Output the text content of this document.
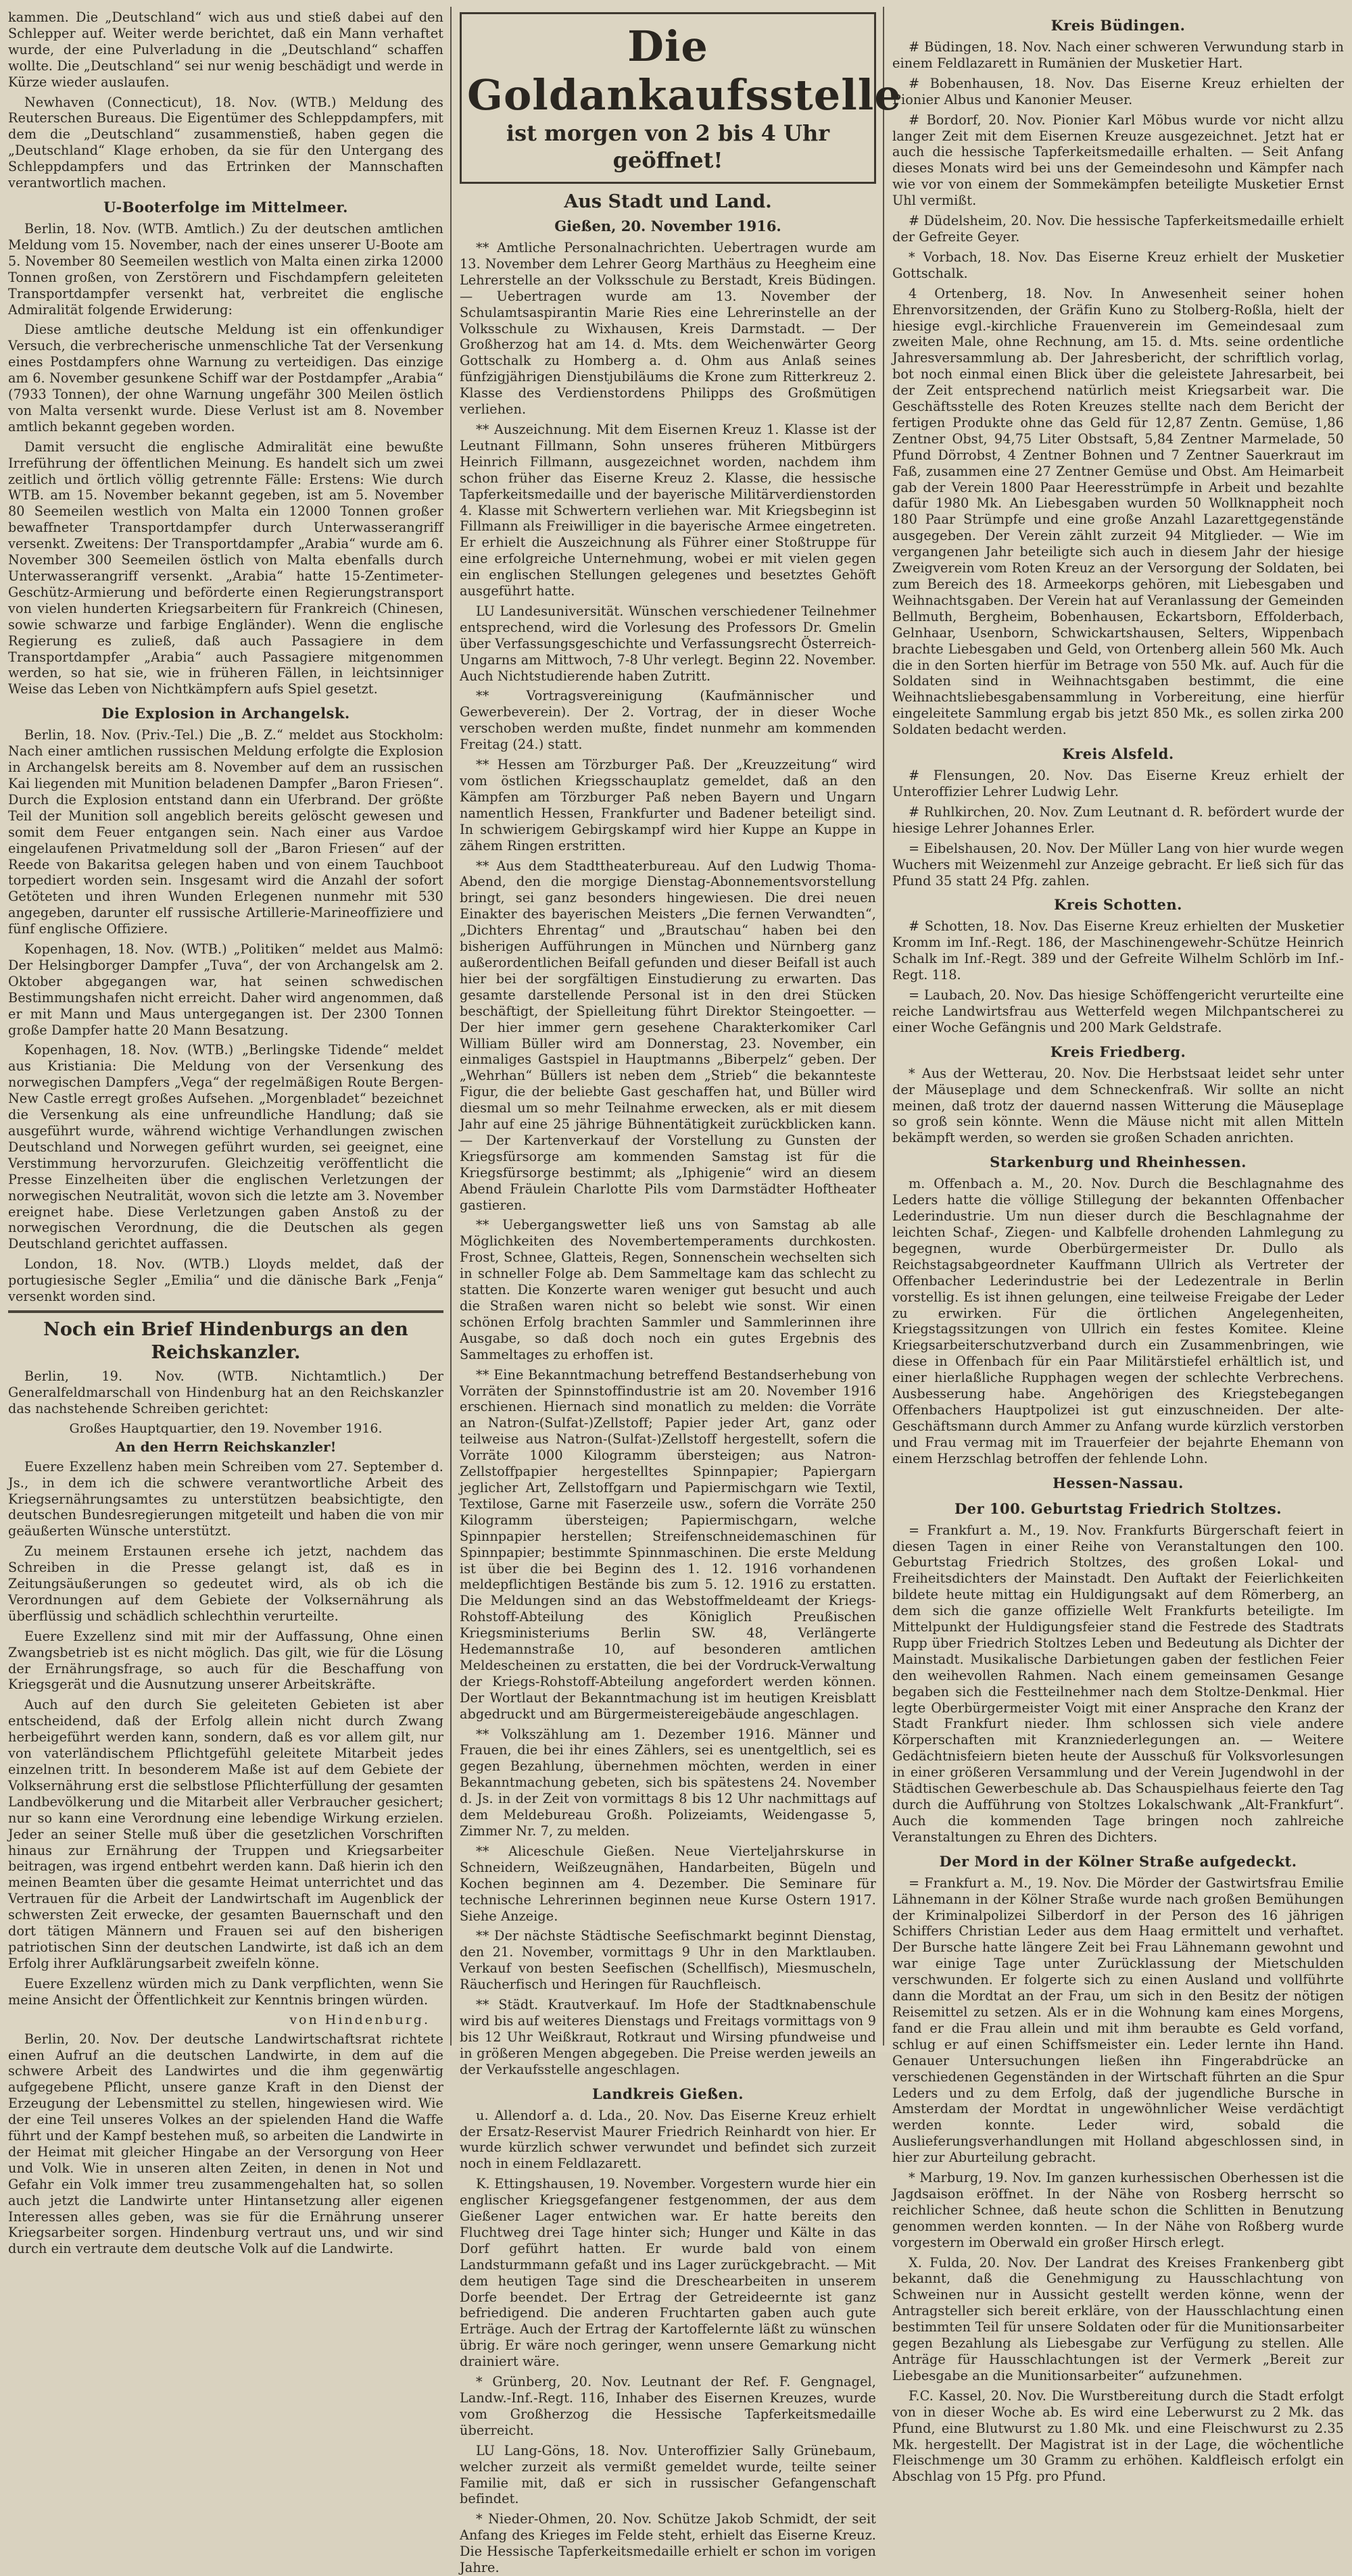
kammen. Die „Deutschland“ wich aus und stieß dabei auf den Schlepper auf. Weiter werde berichtet, daß ein Mann verhaftet wurde, der eine Pulverladung in die „Deutschland“ schaffen wollte. Die „Deutschland“ sei nur wenig beschädigt und werde in Kürze wieder auslaufen.

Newhaven (Connecticut), 18. Nov. (WTB.) Meldung des Reuterschen Bureaus. Die Eigentümer des Schleppdampfers, mit dem die „Deutschland“ zusammenstieß, haben gegen die „Deutschland“ Klage erhoben, da sie für den Untergang des Schleppdampfers und das Ertrinken der Mannschaften verantwortlich machen.

U-Booterfolge im Mittelmeer.

Berlin, 18. Nov. (WTB. Amtlich.) Zu der deutschen amtlichen Meldung vom 15. November, nach der eines unserer U-Boote am 5. November 80 Seemeilen westlich von Malta einen zirka 12000 Tonnen großen, von Zerstörern und Fischdampfern geleiteten Transportdampfer versenkt hat, verbreitet die englische Admiralität folgende Erwiderung:

Diese amtliche deutsche Meldung ist ein offenkundiger Versuch, die verbrecherische unmenschliche Tat der Versenkung eines Postdampfers ohne Warnung zu verteidigen. Das einzige am 6. November gesunkene Schiff war der Postdampfer „Arabia“ (7933 Tonnen), der ohne Warnung ungefähr 300 Meilen östlich von Malta versenkt wurde. Diese Verlust ist am 8. November amtlich bekannt gegeben worden.

Damit versucht die englische Admiralität eine bewußte Irreführung der öffentlichen Meinung. Es handelt sich um zwei zeitlich und örtlich völlig getrennte Fälle: Erstens: Wie durch WTB. am 15. November bekannt gegeben, ist am 5. November 80 Seemeilen westlich von Malta ein 12000 Tonnen großer bewaffneter Transportdampfer durch Unterwasserangriff versenkt. Zweitens: Der Transportdampfer „Arabia“ wurde am 6. November 300 Seemeilen östlich von Malta ebenfalls durch Unterwasserangriff versenkt. „Arabia“ hatte 15-Zentimeter-Geschütz-Armierung und beförderte einen Regierungstransport von vielen hunderten Kriegsarbeitern für Frankreich (Chinesen, sowie schwarze und farbige Engländer). Wenn die englische Regierung es zuließ, daß auch Passagiere in dem Transportdampfer „Arabia“ auch Passagiere mitgenommen werden, so hat sie, wie in früheren Fällen, in leichtsinniger Weise das Leben von Nichtkämpfern aufs Spiel gesetzt.

Die Explosion in Archangelsk.

Berlin, 18. Nov. (Priv.-Tel.) Die „B. Z.“ meldet aus Stockholm: Nach einer amtlichen russischen Meldung erfolgte die Explosion in Archangelsk bereits am 8. November auf dem an russischen Kai liegenden mit Munition beladenen Dampfer „Baron Friesen“. Durch die Explosion entstand dann ein Uferbrand. Der größte Teil der Munition soll angeblich bereits gelöscht gewesen und somit dem Feuer entgangen sein. Nach einer aus Vardoe eingelaufenen Privatmeldung soll der „Baron Friesen“ auf der Reede von Bakaritsa gelegen haben und von einem Tauchboot torpediert worden sein. Insgesamt wird die Anzahl der sofort Getöteten und ihren Wunden Erlegenen nunmehr mit 530 angegeben, darunter elf russische Artillerie-Marineoffiziere und fünf englische Offiziere.

Kopenhagen, 18. Nov. (WTB.) „Politiken“ meldet aus Malmö: Der Helsingborger Dampfer „Tuva“, der von Archangelsk am 2. Oktober abgegangen war, hat seinen schwedischen Bestimmungshafen nicht erreicht. Daher wird angenommen, daß er mit Mann und Maus untergegangen ist. Der 2300 Tonnen große Dampfer hatte 20 Mann Besatzung.

Kopenhagen, 18. Nov. (WTB.) „Berlingske Tidende“ meldet aus Kristiania: Die Meldung von der Versenkung des norwegischen Dampfers „Vega“ der regelmäßigen Route Bergen-New Castle erregt großes Aufsehen. „Morgenbladet“ bezeichnet die Versenkung als eine unfreundliche Handlung; daß sie ausgeführt wurde, während wichtige Verhandlungen zwischen Deutschland und Norwegen geführt wurden, sei geeignet, eine Verstimmung hervorzurufen. Gleichzeitig veröffentlicht die Presse Einzelheiten über die englischen Verletzungen der norwegischen Neutralität, wovon sich die letzte am 3. November ereignet habe. Diese Verletzungen gaben Anstoß zu der norwegischen Verordnung, die die Deutschen als gegen Deutschland gerichtet auffassen.

London, 18. Nov. (WTB.) Lloyds meldet, daß der portugiesische Segler „Emilia“ und die dänische Bark „Fenja“ versenkt worden sind.

Noch ein Brief Hindenburgs an den Reichskanzler.

Berlin, 19. Nov. (WTB. Nichtamtlich.) Der Generalfeldmarschall von Hindenburg hat an den Reichskanzler das nachstehende Schreiben gerichtet:

Großes Hauptquartier, den 19. November 1916.
An den Herrn Reichskanzler!

Euere Exzellenz haben mein Schreiben vom 27. September d. Js., in dem ich die schwere verantwortliche Arbeit des Kriegsernährungsamtes zu unterstützen beabsichtigte, den deutschen Bundesregierungen mitgeteilt und haben die von mir geäußerten Wünsche unterstützt.

Zu meinem Erstaunen ersehe ich jetzt, nachdem das Schreiben in die Presse gelangt ist, daß es in Zeitungsäußerungen so gedeutet wird, als ob ich die Verordnungen auf dem Gebiete der Volksernährung als überflüssig und schädlich schlechthin verurteilte.

Euere Exzellenz sind mit mir der Auffassung, Ohne einen Zwangsbetrieb ist es nicht möglich. Das gilt, wie für die Lösung der Ernährungsfrage, so auch für die Beschaffung von Kriegsgerät und die Ausnutzung unserer Arbeitskräfte.

Auch auf den durch Sie geleiteten Gebieten ist aber entscheidend, daß der Erfolg allein nicht durch Zwang herbeigeführt werden kann, sondern, daß es vor allem gilt, nur von vaterländischem Pflichtgefühl geleitete Mitarbeit jedes einzelnen tritt. In besonderem Maße ist auf dem Gebiete der Volksernährung erst die selbstlose Pflichterfüllung der gesamten Landbevölkerung und die Mitarbeit aller Verbraucher gesichert; nur so kann eine Verordnung eine lebendige Wirkung erzielen. Jeder an seiner Stelle muß über die gesetzlichen Vorschriften hinaus zur Ernährung der Truppen und Kriegsarbeiter beitragen, was irgend entbehrt werden kann. Daß hierin ich den meinen Beamten über die gesamte Heimat unterrichtet und das Vertrauen für die Arbeit der Landwirtschaft im Augenblick der schwersten Zeit erwecke, der gesamten Bauernschaft und den dort tätigen Männern und Frauen sei auf den bisherigen patriotischen Sinn der deutschen Landwirte, ist daß ich an dem Erfolg ihrer Aufklärungsarbeit zweifeln könne.

Euere Exzellenz würden mich zu Dank verpflichten, wenn Sie meine Ansicht der Öffentlichkeit zur Kenntnis bringen würden.

von Hindenburg.

Berlin, 20. Nov. Der deutsche Landwirtschaftsrat richtete einen Aufruf an die deutschen Landwirte, in dem auf die schwere Arbeit des Landwirtes und die ihm gegenwärtig aufgegebene Pflicht, unsere ganze Kraft in den Dienst der Erzeugung der Lebensmittel zu stellen, hingewiesen wird. Wie der eine Teil unseres Volkes an der spielenden Hand die Waffe führt und der Kampf bestehen muß, so arbeiten die Landwirte in der Heimat mit gleicher Hingabe an der Versorgung von Heer und Volk. Wie in unseren alten Zeiten, in denen in Not und Gefahr ein Volk immer treu zusammengehalten hat, so sollen auch jetzt die Landwirte unter Hintansetzung aller eigenen Interessen alles geben, was sie für die Ernährung unserer Kriegsarbeiter sorgen. Hindenburg vertraut uns, und wir sind durch ein vertraute dem deutsche Volk auf die Landwirte.

Die Goldankaufsstelle
ist morgen von 2 bis 4 Uhr geöffnet!
Aus Stadt und Land.
Gießen, 20. November 1916.

** Amtliche Personalnachrichten. Uebertragen wurde am 13. November dem Lehrer Georg Marthäus zu Heegheim eine Lehrerstelle an der Volksschule zu Berstadt, Kreis Büdingen. — Uebertragen wurde am 13. November der Schulamtsaspirantin Marie Ries eine Lehrerinstelle an der Volksschule zu Wixhausen, Kreis Darmstadt. — Der Großherzog hat am 14. d. Mts. dem Weichenwärter Georg Gottschalk zu Homberg a. d. Ohm aus Anlaß seines fünfzigjährigen Dienstjubiläums die Krone zum Ritterkreuz 2. Klasse des Verdienstordens Philipps des Großmütigen verliehen.

** Auszeichnung. Mit dem Eisernen Kreuz 1. Klasse ist der Leutnant Fillmann, Sohn unseres früheren Mitbürgers Heinrich Fillmann, ausgezeichnet worden, nachdem ihm schon früher das Eiserne Kreuz 2. Klasse, die hessische Tapferkeitsmedaille und der bayerische Militärverdienstorden 4. Klasse mit Schwertern verliehen war. Mit Kriegsbeginn ist Fillmann als Freiwilliger in die bayerische Armee eingetreten. Er erhielt die Auszeichnung als Führer einer Stoßtruppe für eine erfolgreiche Unternehmung, wobei er mit vielen gegen ein englischen Stellungen gelegenes und besetztes Gehöft ausgeführt hatte.

LU Landesuniversität. Wünschen verschiedener Teilnehmer entsprechend, wird die Vorlesung des Professors Dr. Gmelin über Verfassungsgeschichte und Verfassungsrecht Österreich-Ungarns am Mittwoch, 7-8 Uhr verlegt. Beginn 22. November. Auch Nichtstudierende haben Zutritt.

** Vortragsvereinigung (Kaufmännischer und Gewerbeverein). Der 2. Vortrag, der in dieser Woche verschoben werden mußte, findet nunmehr am kommenden Freitag (24.) statt.

** Hessen am Törzburger Paß. Der „Kreuzzeitung“ wird vom östlichen Kriegsschauplatz gemeldet, daß an den Kämpfen am Törzburger Paß neben Bayern und Ungarn namentlich Hessen, Frankfurter und Badener beteiligt sind. In schwierigem Gebirgskampf wird hier Kuppe an Kuppe in zähem Ringen erstritten.

** Aus dem Stadttheaterbureau. Auf den Ludwig Thoma-Abend, den die morgige Dienstag-Abonnementsvorstellung bringt, sei ganz besonders hingewiesen. Die drei neuen Einakter des bayerischen Meisters „Die fernen Verwandten“, „Dichters Ehrentag“ und „Brautschau“ haben bei den bisherigen Aufführungen in München und Nürnberg ganz außerordentlichen Beifall gefunden und dieser Beifall ist auch hier bei der sorgfältigen Einstudierung zu erwarten. Das gesamte darstellende Personal ist in den drei Stücken beschäftigt, der Spielleitung führt Direktor Steingoetter. — Der hier immer gern gesehene Charakterkomiker Carl William Büller wird am Donnerstag, 23. November, ein einmaliges Gastspiel in Hauptmanns „Biberpelz“ geben. Der „Wehrhan“ Büllers ist neben dem „Strieb“ die bekannteste Figur, die der beliebte Gast geschaffen hat, und Büller wird diesmal um so mehr Teilnahme erwecken, als er mit diesem Jahr auf eine 25 jährige Bühnentätigkeit zurückblicken kann. — Der Kartenverkauf der Vorstellung zu Gunsten der Kriegsfürsorge am kommenden Samstag ist für die Kriegsfürsorge bestimmt; als „Iphigenie“ wird an diesem Abend Fräulein Charlotte Pils vom Darmstädter Hoftheater gastieren.

** Uebergangswetter ließ uns von Samstag ab alle Möglichkeiten des Novembertemperaments durchkosten. Frost, Schnee, Glatteis, Regen, Sonnenschein wechselten sich in schneller Folge ab. Dem Sammeltage kam das schlecht zu statten. Die Konzerte waren weniger gut besucht und auch die Straßen waren nicht so belebt wie sonst. Wir einen schönen Erfolg brachten Sammler und Sammlerinnen ihre Ausgabe, so daß doch noch ein gutes Ergebnis des Sammeltages zu erhoffen ist.

** Eine Bekanntmachung betreffend Bestandserhebung von Vorräten der Spinnstoffindustrie ist am 20. November 1916 erschienen. Hiernach sind monatlich zu melden: die Vorräte an Natron-(Sulfat-)Zellstoff; Papier jeder Art, ganz oder teilweise aus Natron-(Sulfat-)Zellstoff hergestellt, sofern die Vorräte 1000 Kilogramm übersteigen; aus Natron-Zellstoffpapier hergestelltes Spinnpapier; Papiergarn jeglicher Art, Zellstoffgarn und Papiermischgarn wie Textil, Textilose, Garne mit Faserzeile usw., sofern die Vorräte 250 Kilogramm übersteigen; Papiermischgarn, welche Spinnpapier herstellen; Streifenschneidemaschinen für Spinnpapier; bestimmte Spinnmaschinen. Die erste Meldung ist über die bei Beginn des 1. 12. 1916 vorhandenen meldepflichtigen Bestände bis zum 5. 12. 1916 zu erstatten. Die Meldungen sind an das Webstoffmeldeamt der Kriegs-Rohstoff-Abteilung des Königlich Preußischen Kriegsministeriums Berlin SW. 48, Verlängerte Hedemannstraße 10, auf besonderen amtlichen Meldescheinen zu erstatten, die bei der Vordruck-Verwaltung der Kriegs-Rohstoff-Abteilung angefordert werden können. Der Wortlaut der Bekanntmachung ist im heutigen Kreisblatt abgedruckt und am Bürgermeistereigebäude angeschlagen.

** Volkszählung am 1. Dezember 1916. Männer und Frauen, die bei ihr eines Zählers, sei es unentgeltlich, sei es gegen Bezahlung, übernehmen möchten, werden in einer Bekanntmachung gebeten, sich bis spätestens 24. November d. Js. in der Zeit von vormittags 8 bis 12 Uhr nachmittags auf dem Meldebureau Großh. Polizeiamts, Weidengasse 5, Zimmer Nr. 7, zu melden.

** Aliceschule Gießen. Neue Vierteljahrskurse in Schneidern, Weißzeugnähen, Handarbeiten, Bügeln und Kochen beginnen am 4. Dezember. Die Seminare für technische Lehrerinnen beginnen neue Kurse Ostern 1917. Siehe Anzeige.

** Der nächste Städtische Seefischmarkt beginnt Dienstag, den 21. November, vormittags 9 Uhr in den Marktlauben. Verkauf von besten Seefischen (Schellfisch), Miesmuscheln, Räucherfisch und Heringen für Rauchfleisch.

** Städt. Krautverkauf. Im Hofe der Stadtknabenschule wird bis auf weiteres Dienstags und Freitags vormittags von 9 bis 12 Uhr Weißkraut, Rotkraut und Wirsing pfundweise und in größeren Mengen abgegeben. Die Preise werden jeweils an der Verkaufsstelle angeschlagen.

Landkreis Gießen.

u. Allendorf a. d. Lda., 20. Nov. Das Eiserne Kreuz erhielt der Ersatz-Reservist Maurer Friedrich Reinhardt von hier. Er wurde kürzlich schwer verwundet und befindet sich zurzeit noch in einem Feldlazarett.

K. Ettingshausen, 19. November. Vorgestern wurde hier ein englischer Kriegsgefangener festgenommen, der aus dem Gießener Lager entwichen war. Er hatte bereits den Fluchtweg drei Tage hinter sich; Hunger und Kälte in das Dorf geführt hatten. Er wurde bald von einem Landsturmmann gefaßt und ins Lager zurückgebracht. — Mit dem heutigen Tage sind die Dreschearbeiten in unserem Dorfe beendet. Der Ertrag der Getreideernte ist ganz befriedigend. Die anderen Fruchtarten gaben auch gute Erträge. Auch der Ertrag der Kartoffelernte läßt zu wünschen übrig. Er wäre noch geringer, wenn unsere Gemarkung nicht drainiert wäre.

* Grünberg, 20. Nov. Leutnant der Ref. F. Gengnagel, Landw.-Inf.-Regt. 116, Inhaber des Eisernen Kreuzes, wurde vom Großherzog die Hessische Tapferkeitsmedaille überreicht.

LU Lang-Göns, 18. Nov. Unteroffizier Sally Grünebaum, welcher zurzeit als vermißt gemeldet wurde, teilte seiner Familie mit, daß er sich in russischer Gefangenschaft befindet.

* Nieder-Ohmen, 20. Nov. Schütze Jakob Schmidt, der seit Anfang des Krieges im Felde steht, erhielt das Eiserne Kreuz. Die Hessische Tapferkeitsmedaille erhielt er schon im vorigen Jahre.

Kreis Büdingen.

# Büdingen, 18. Nov. Nach einer schweren Verwundung starb in einem Feldlazarett in Rumänien der Musketier Hart.

# Bobenhausen, 18. Nov. Das Eiserne Kreuz erhielten der Pionier Albus und Kanonier Meuser.

# Bordorf, 20. Nov. Pionier Karl Möbus wurde vor nicht allzu langer Zeit mit dem Eisernen Kreuze ausgezeichnet. Jetzt hat er auch die hessische Tapferkeitsmedaille erhalten. — Seit Anfang dieses Monats wird bei uns der Gemeindesohn und Kämpfer nach wie vor von einem der Sommekämpfen beteiligte Musketier Ernst Uhl vermißt.

# Düdelsheim, 20. Nov. Die hessische Tapferkeitsmedaille erhielt der Gefreite Geyer.

* Vorbach, 18. Nov. Das Eiserne Kreuz erhielt der Musketier Gottschalk.

4 Ortenberg, 18. Nov. In Anwesenheit seiner hohen Ehrenvorsitzenden, der Gräfin Kuno zu Stolberg-Roßla, hielt der hiesige evgl.-kirchliche Frauenverein im Gemeindesaal zum zweiten Male, ohne Rechnung, am 15. d. Mts. seine ordentliche Jahresversammlung ab. Der Jahresbericht, der schriftlich vorlag, bot noch einmal einen Blick über die geleistete Jahresarbeit, bei der Zeit entsprechend natürlich meist Kriegsarbeit war. Die Geschäftsstelle des Roten Kreuzes stellte nach dem Bericht der fertigen Produkte ohne das Geld für 12,87 Zentn. Gemüse, 1,86 Zentner Obst, 94,75 Liter Obstsaft, 5,84 Zentner Marmelade, 50 Pfund Dörrobst, 4 Zentner Bohnen und 7 Zentner Sauerkraut im Faß, zusammen eine 27 Zentner Gemüse und Obst. Am Heimarbeit gab der Verein 1800 Paar Heeresstrümpfe in Arbeit und bezahlte dafür 1980 Mk. An Liebesgaben wurden 50 Wollknappheit noch 180 Paar Strümpfe und eine große Anzahl Lazarettgegenstände ausgegeben. Der Verein zählt zurzeit 94 Mitglieder. — Wie im vergangenen Jahr beteiligte sich auch in diesem Jahr der hiesige Zweigverein vom Roten Kreuz an der Versorgung der Soldaten, bei zum Bereich des 18. Armeekorps gehören, mit Liebesgaben und Weihnachtsgaben. Der Verein hat auf Veranlassung der Gemeinden Bellmuth, Bergheim, Bobenhausen, Eckartsborn, Effolderbach, Gelnhaar, Usenborn, Schwickartshausen, Selters, Wippenbach brachte Liebesgaben und Geld, von Ortenberg allein 560 Mk. Auch die in den Sorten hierfür im Betrage von 550 Mk. auf. Auch für die Soldaten sind in Weihnachtsgaben bestimmt, die eine Weihnachtsliebesgabensammlung in Vorbereitung, eine hierfür eingeleitete Sammlung ergab bis jetzt 850 Mk., es sollen zirka 200 Soldaten bedacht werden.

Kreis Alsfeld.

# Flensungen, 20. Nov. Das Eiserne Kreuz erhielt der Unteroffizier Lehrer Ludwig Lehr.

# Ruhlkirchen, 20. Nov. Zum Leutnant d. R. befördert wurde der hiesige Lehrer Johannes Erler.

= Eibelshausen, 20. Nov. Der Müller Lang von hier wurde wegen Wuchers mit Weizenmehl zur Anzeige gebracht. Er ließ sich für das Pfund 35 statt 24 Pfg. zahlen.

Kreis Schotten.

# Schotten, 18. Nov. Das Eiserne Kreuz erhielten der Musketier Kromm im Inf.-Regt. 186, der Maschinengewehr-Schütze Heinrich Schalk im Inf.-Regt. 389 und der Gefreite Wilhelm Schlörb im Inf.-Regt. 118.

= Laubach, 20. Nov. Das hiesige Schöffengericht verurteilte eine reiche Landwirtsfrau aus Wetterfeld wegen Milchpantscherei zu einer Woche Gefängnis und 200 Mark Geldstrafe.

Kreis Friedberg.

* Aus der Wetterau, 20. Nov. Die Herbstsaat leidet sehr unter der Mäuseplage und dem Schneckenfraß. Wir sollte an nicht meinen, daß trotz der dauernd nassen Witterung die Mäuseplage so groß sein könnte. Wenn die Mäuse nicht mit allen Mitteln bekämpft werden, so werden sie großen Schaden anrichten.

Starkenburg und Rheinhessen.

m. Offenbach a. M., 20. Nov. Durch die Beschlagnahme des Leders hatte die völlige Stillegung der bekannten Offenbacher Lederindustrie. Um nun dieser durch die Beschlagnahme der leichten Schaf-, Ziegen- und Kalbfelle drohenden Lahmlegung zu begegnen, wurde Oberbürgermeister Dr. Dullo als Reichstagsabgeordneter Kauffmann Ullrich als Vertreter der Offenbacher Lederindustrie bei der Ledezentrale in Berlin vorstellig. Es ist ihnen gelungen, eine teilweise Freigabe der Leder zu erwirken. Für die örtlichen Angelegenheiten, Kriegstagssitzungen von Ullrich ein festes Komitee. Kleine Kriegsarbeiterschutzverband durch ein Zusammenbringen, wie diese in Offenbach für ein Paar Militärstiefel erhältlich ist, und einer hierlaßliche Rupphagen wegen der schlechte Verbrechens. Ausbesserung habe. Angehörigen des Kriegstebegangen Offenbachers Hauptpolizei ist gut einzuschneiden. Der alte-Geschäftsmann durch Ammer zu Anfang wurde kürzlich verstorben und Frau vermag mit im Trauerfeier der bejahrte Ehemann von einem Herzschlag betroffen der fehlende Lohn.

Hessen-Nassau.
Der 100. Geburtstag Friedrich Stoltzes.

= Frankfurt a. M., 19. Nov. Frankfurts Bürgerschaft feiert in diesen Tagen in einer Reihe von Veranstaltungen den 100. Geburtstag Friedrich Stoltzes, des großen Lokal- und Freiheitsdichters der Mainstadt. Den Auftakt der Feierlichkeiten bildete heute mittag ein Huldigungsakt auf dem Römerberg, an dem sich die ganze offizielle Welt Frankfurts beteiligte. Im Mittelpunkt der Huldigungsfeier stand die Festrede des Stadtrats Rupp über Friedrich Stoltzes Leben und Bedeutung als Dichter der Mainstadt. Musikalische Darbietungen gaben der festlichen Feier den weihevollen Rahmen. Nach einem gemeinsamen Gesange begaben sich die Festteilnehmer nach dem Stoltze-Denkmal. Hier legte Oberbürgermeister Voigt mit einer Ansprache den Kranz der Stadt Frankfurt nieder. Ihm schlossen sich viele andere Körperschaften mit Kranzniederlegungen an. — Weitere Gedächtnisfeiern bieten heute der Ausschuß für Volksvorlesungen in einer größeren Versammlung und der Verein Jugendwohl in der Städtischen Gewerbeschule ab. Das Schauspielhaus feierte den Tag durch die Aufführung von Stoltzes Lokalschwank „Alt-Frankfurt“. Auch die kommenden Tage bringen noch zahlreiche Veranstaltungen zu Ehren des Dichters.

Der Mord in der Kölner Straße aufgedeckt.

= Frankfurt a. M., 19. Nov. Die Mörder der Gastwirtsfrau Emilie Lähnemann in der Kölner Straße wurde nach großen Bemühungen der Kriminalpolizei Silberdorf in der Person des 16 jährigen Schiffers Christian Leder aus dem Haag ermittelt und verhaftet. Der Bursche hatte längere Zeit bei Frau Lähnemann gewohnt und war einige Tage unter Zurücklassung der Mietschulden verschwunden. Er folgerte sich zu einen Ausland und vollführte dann die Mordtat an der Frau, um sich in den Besitz der nötigen Reisemittel zu setzen. Als er in die Wohnung kam eines Morgens, fand er die Frau allein und mit ihm beraubte es Geld vorfand, schlug er auf einen Schiffsmeister ein. Leder lernte ihn Hand. Genauer Untersuchungen ließen ihn Fingerabdrücke an verschiedenen Gegenständen in der Wirtschaft führten an die Spur Leders und zu dem Erfolg, daß der jugendliche Bursche in Amsterdam der Mordtat in ungewöhnlicher Weise verdächtigt werden konnte. Leder wird, sobald die Auslieferungsverhandlungen mit Holland abgeschlossen sind, in hier zur Aburteilung gebracht.

* Marburg, 19. Nov. Im ganzen kurhessischen Oberhessen ist die Jagdsaison eröffnet. In der Nähe von Rosberg herrscht so reichlicher Schnee, daß heute schon die Schlitten in Benutzung genommen werden konnten. — In der Nähe von Roßberg wurde vorgestern im Oberwald ein großer Hirsch erlegt.

X. Fulda, 20. Nov. Der Landrat des Kreises Frankenberg gibt bekannt, daß die Genehmigung zu Hausschlachtung von Schweinen nur in Aussicht gestellt werden könne, wenn der Antragsteller sich bereit erkläre, von der Hausschlachtung einen bestimmten Teil für unsere Soldaten oder für die Munitionsarbeiter gegen Bezahlung als Liebesgabe zur Verfügung zu stellen. Alle Anträge für Hausschlachtungen ist der Vermerk „Bereit zur Liebesgabe an die Munitionsarbeiter“ aufzunehmen.

F.C. Kassel, 20. Nov. Die Wurstbereitung durch die Stadt erfolgt von in dieser Woche ab. Es wird eine Leberwurst zu 2 Mk. das Pfund, eine Blutwurst zu 1.80 Mk. und eine Fleischwurst zu 2.35 Mk. hergestellt. Der Magistrat ist in der Lage, die wöchentliche Fleischmenge um 30 Gramm zu erhöhen. Kaldfleisch erfolgt ein Abschlag von 15 Pfg. pro Pfund.
